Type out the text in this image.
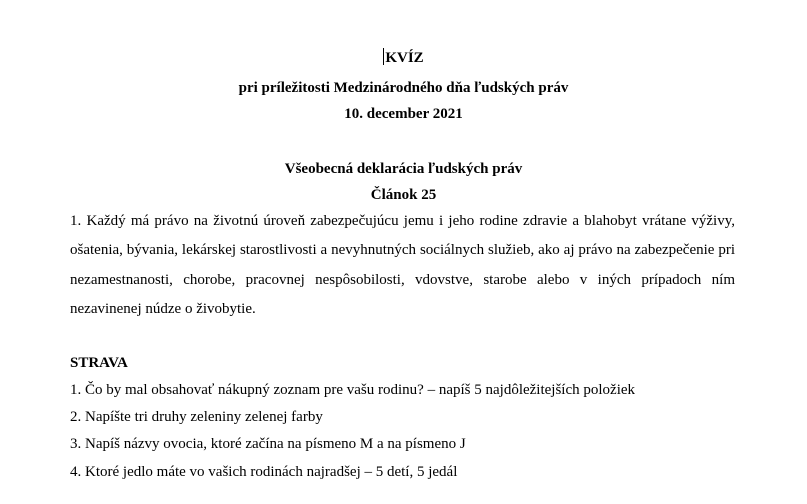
KVÍZ
pri príležitosti Medzinárodného dňa ľudských práv
10. december 2021
Všeobecná deklarácia ľudských práv
Článok 25
1. Každý má právo na životnú úroveň zabezpečujúcu jemu i jeho rodine zdravie a blahobyt vrátane výživy, ošatenia, bývania, lekárskej starostlivosti a nevyhnutných sociálnych služieb, ako aj právo na zabezpečenie pri nezamestnanosti, chorobe, pracovnej nespôsobilosti, vdovstve, starobe alebo v iných prípadoch ním nezavinenej núdze o živobytie.
STRAVA
1. Čo by mal obsahovať nákupný zoznam pre vašu rodinu? – napíš 5 najdôležitejších položiek
2. Napíšte tri druhy zeleniny zelenej farby
3. Napíš názvy ovocia, ktoré začína na písmeno M a na písmeno J
4. Ktoré jedlo máte vo vašich rodinách najradšej – 5 detí, 5 jedál
